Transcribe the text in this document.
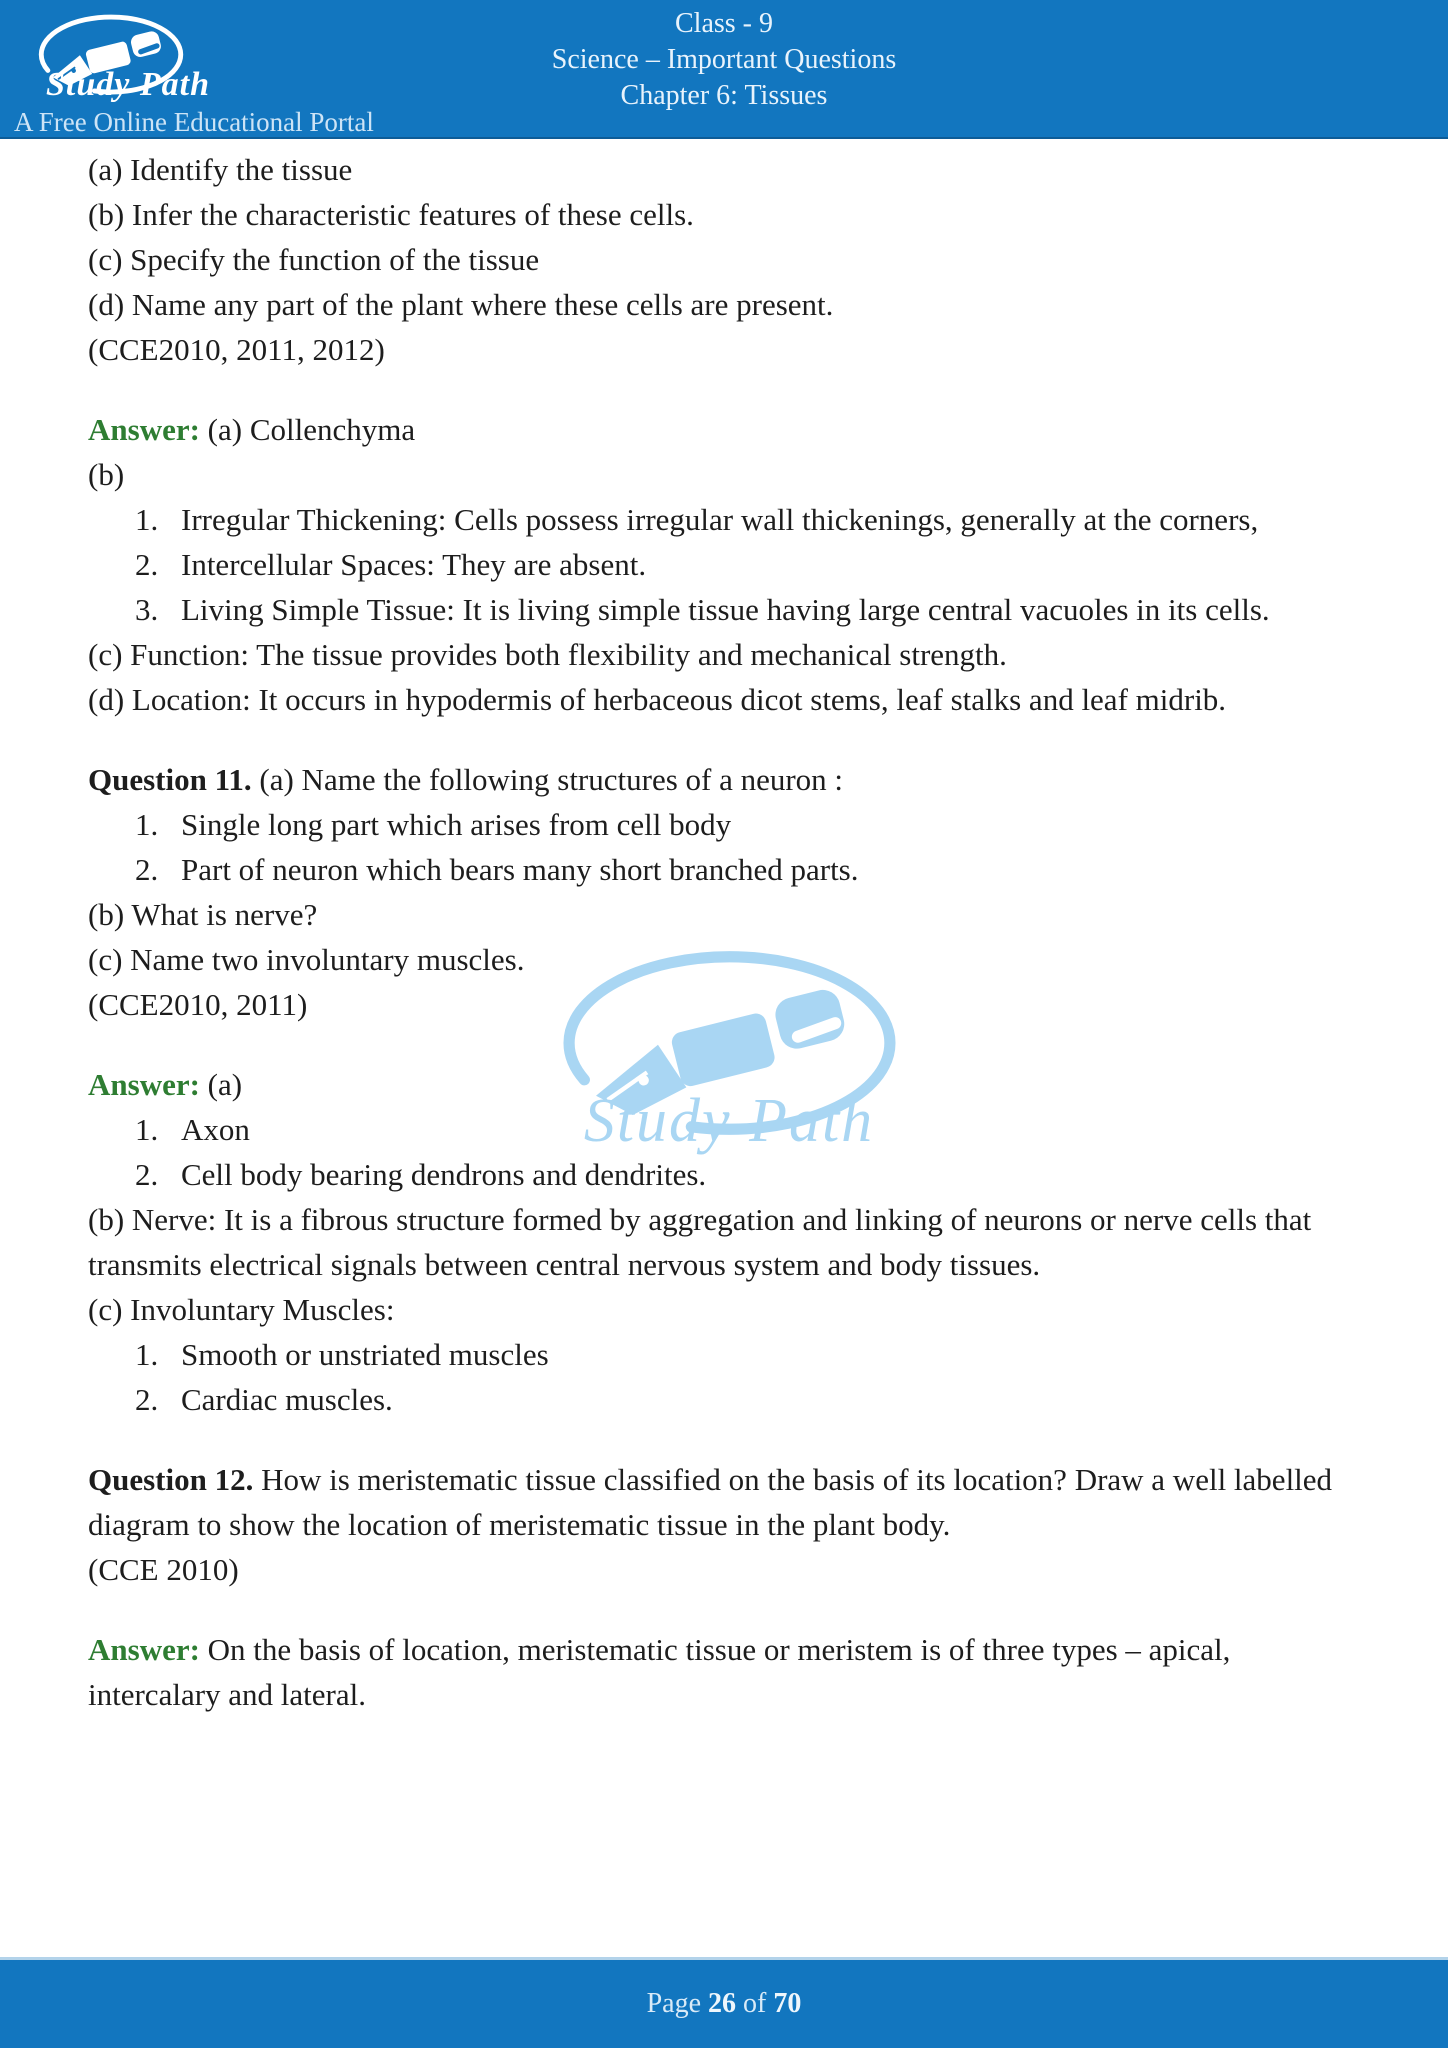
Study Path
A Free Online Educational Portal
Class - 9
Science – Important Questions
Chapter 6: Tissues
Study Path
(a) Identify the tissue
(b) Infer the characteristic features of these cells.
(c) Specify the function of the tissue
(d) Name any part of the plant where these cells are present.
(CCE2010, 2011, 2012)
Answer: (a) Collenchyma
(b)
1. Irregular Thickening: Cells possess irregular wall thickenings, generally at the corners,
2. Intercellular Spaces: They are absent.
3. Living Simple Tissue: It is living simple tissue having large central vacuoles in its cells.
(c) Function: The tissue provides both flexibility and mechanical strength.
(d) Location: It occurs in hypodermis of herbaceous dicot stems, leaf stalks and leaf midrib.
Question 11. (a) Name the following structures of a neuron :
1. Single long part which arises from cell body
2. Part of neuron which bears many short branched parts.
(b) What is nerve?
(c) Name two involuntary muscles.
(CCE2010, 2011)
Answer: (a)
1. Axon
2. Cell body bearing dendrons and dendrites.
(b) Nerve: It is a fibrous structure formed by aggregation and linking of neurons or nerve cells that transmits electrical signals between central nervous system and body tissues.
(c) Involuntary Muscles:
1. Smooth or unstriated muscles
2. Cardiac muscles.
Question 12. How is meristematic tissue classified on the basis of its location? Draw a well labelled diagram to show the location of meristematic tissue in the plant body.
(CCE 2010)
Answer: On the basis of location, meristematic tissue or meristem is of three types – apical, intercalary and lateral.
Page 26 of 70
